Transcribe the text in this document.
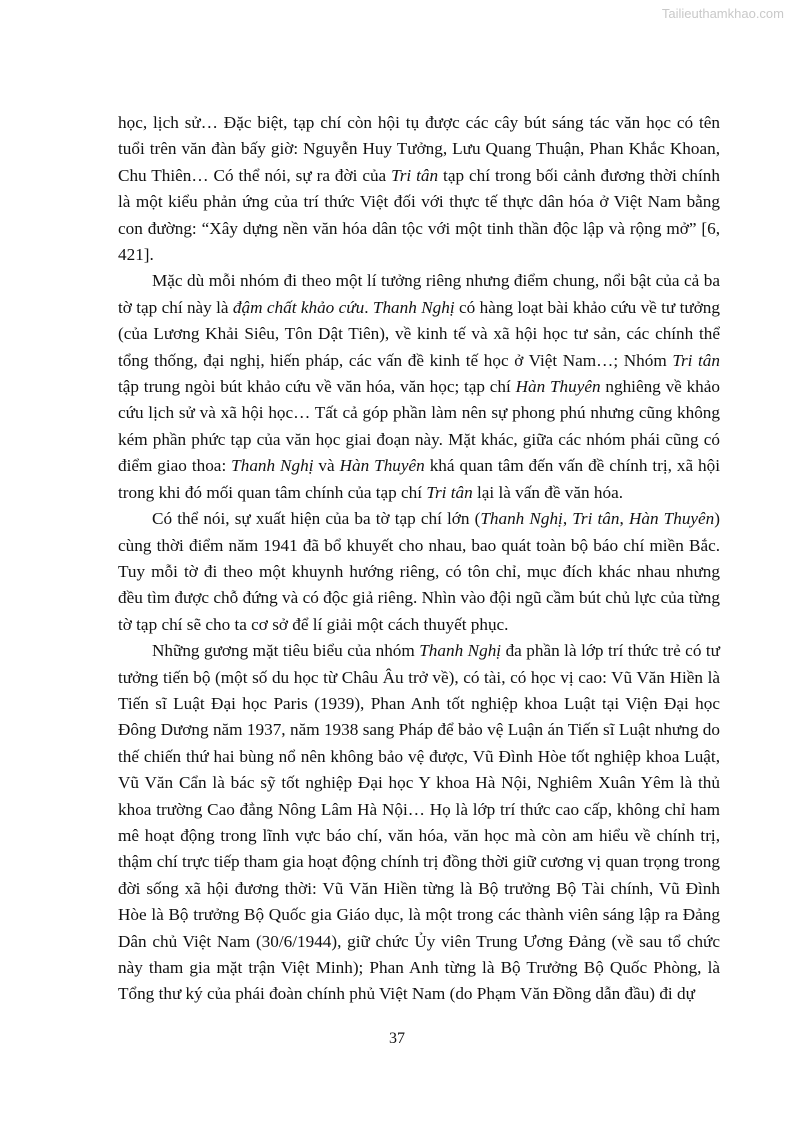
Tailieuthamkhao.com

học, lịch sử… Đặc biệt, tạp chí còn hội tụ được các cây bút sáng tác văn học có tên tuổi trên văn đàn bấy giờ: Nguyễn Huy Tưởng, Lưu Quang Thuận, Phan Khắc Khoan, Chu Thiên… Có thể nói, sự ra đời của Tri tân tạp chí trong bối cảnh đương thời chính là một kiểu phản ứng của trí thức Việt đối với thực tế thực dân hóa ở Việt Nam bằng con đường: “Xây dựng nền văn hóa dân tộc với một tinh thần độc lập và rộng mở” [6, 421].

Mặc dù mỗi nhóm đi theo một lí tưởng riêng nhưng điểm chung, nổi bật của cả ba tờ tạp chí này là đậm chất khảo cứu. Thanh Nghị có hàng loạt bài khảo cứu về tư tưởng (của Lương Khải Siêu, Tôn Dật Tiên), về kinh tế và xã hội học tư sản, các chính thể tổng thống, đại nghị, hiến pháp, các vấn đề kinh tế học ở Việt Nam…; Nhóm Tri tân tập trung ngòi bút khảo cứu về văn hóa, văn học; tạp chí Hàn Thuyên nghiêng về khảo cứu lịch sử và xã hội học… Tất cả góp phần làm nên sự phong phú nhưng cũng không kém phần phức tạp của văn học giai đoạn này. Mặt khác, giữa các nhóm phái cũng có điểm giao thoa: Thanh Nghị và Hàn Thuyên khá quan tâm đến vấn đề chính trị, xã hội trong khi đó mối quan tâm chính của tạp chí Tri tân lại là vấn đề văn hóa.

Có thể nói, sự xuất hiện của ba tờ tạp chí lớn (Thanh Nghị, Tri tân, Hàn Thuyên) cùng thời điểm năm 1941 đã bổ khuyết cho nhau, bao quát toàn bộ báo chí miền Bắc. Tuy mỗi tờ đi theo một khuynh hướng riêng, có tôn chỉ, mục đích khác nhau nhưng đều tìm được chỗ đứng và có độc giả riêng. Nhìn vào đội ngũ cầm bút chủ lực của từng tờ tạp chí sẽ cho ta cơ sở để lí giải một cách thuyết phục.

Những gương mặt tiêu biểu của nhóm Thanh Nghị đa phần là lớp trí thức trẻ có tư tưởng tiến bộ (một số du học từ Châu Âu trở về), có tài, có học vị cao: Vũ Văn Hiền là Tiến sĩ Luật Đại học Paris (1939), Phan Anh tốt nghiệp khoa Luật tại Viện Đại học Đông Dương năm 1937, năm 1938 sang Pháp để bảo vệ Luận án Tiến sĩ Luật nhưng do thế chiến thứ hai bùng nổ nên không bảo vệ được, Vũ Đình Hòe tốt nghiệp khoa Luật, Vũ Văn Cẩn là bác sỹ tốt nghiệp Đại học Y khoa Hà Nội, Nghiêm Xuân Yêm là thủ khoa trường Cao đẳng Nông Lâm Hà Nội… Họ là lớp trí thức cao cấp, không chỉ ham mê hoạt động trong lĩnh vực báo chí, văn hóa, văn học mà còn am hiểu về chính trị, thậm chí trực tiếp tham gia hoạt động chính trị đồng thời giữ cương vị quan trọng trong đời sống xã hội đương thời: Vũ Văn Hiền từng là Bộ trưởng Bộ Tài chính, Vũ Đình Hòe là Bộ trưởng Bộ Quốc gia Giáo dục, là một trong các thành viên sáng lập ra Đảng Dân chủ Việt Nam (30/6/1944), giữ chức Ủy viên Trung Ương Đảng (về sau tổ chức này tham gia mặt trận Việt Minh); Phan Anh từng là Bộ Trưởng Bộ Quốc Phòng, là Tổng thư ký của phái đoàn chính phủ Việt Nam (do Phạm Văn Đồng dẫn đầu) đi dự

37
